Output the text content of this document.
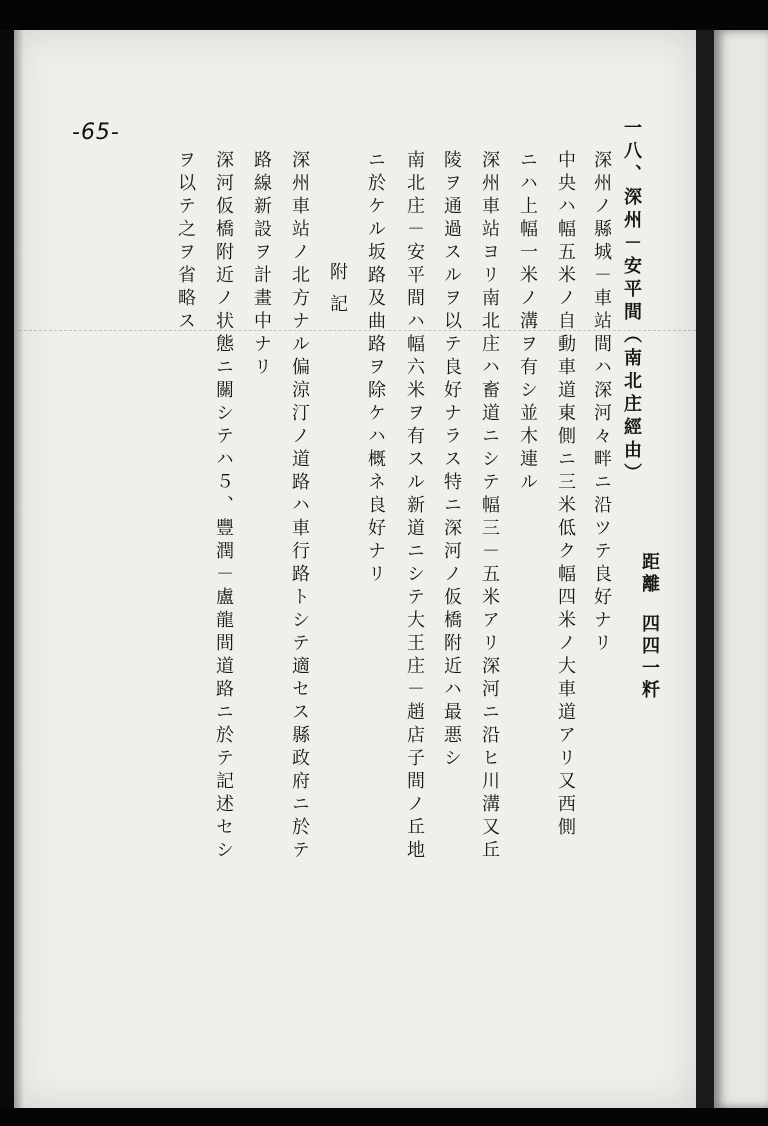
-65-	一八、深州－安平間（南北庄經由）
距離四四一粁
深州ノ縣城－車站間ハ深河々畔ニ沿ツテ良好ナリ
中央ハ幅五米ノ自動車道東側ニ三米低ク幅四米ノ大車道アリ又西側
ニハ上幅一米ノ溝ヲ有シ並木連ル
深州車站ヨリ南北庄ハ畜道ニシテ幅三－五米アリ深河ニ沿ヒ川溝又丘
陵ヲ通過スルヲ以テ良好ナラス特ニ深河ノ仮橋附近ハ最悪シ
南北庄－安平間ハ幅六米ヲ有スル新道ニシテ大王庄－趙店子間ノ丘地
ニ於ケル坂路及曲路ヲ除ケハ概ネ良好ナリ
附記
深州車站ノ北方ナル偏涼汀ノ道路ハ車行路トシテ適セス縣政府ニ於テ
路線新設ヲ計畫中ナリ
深河仮橋附近ノ状態ニ關シテハ５、豐潤－盧龍間道路ニ於テ記述セシ
ヲ以テ之ヲ省略ス
